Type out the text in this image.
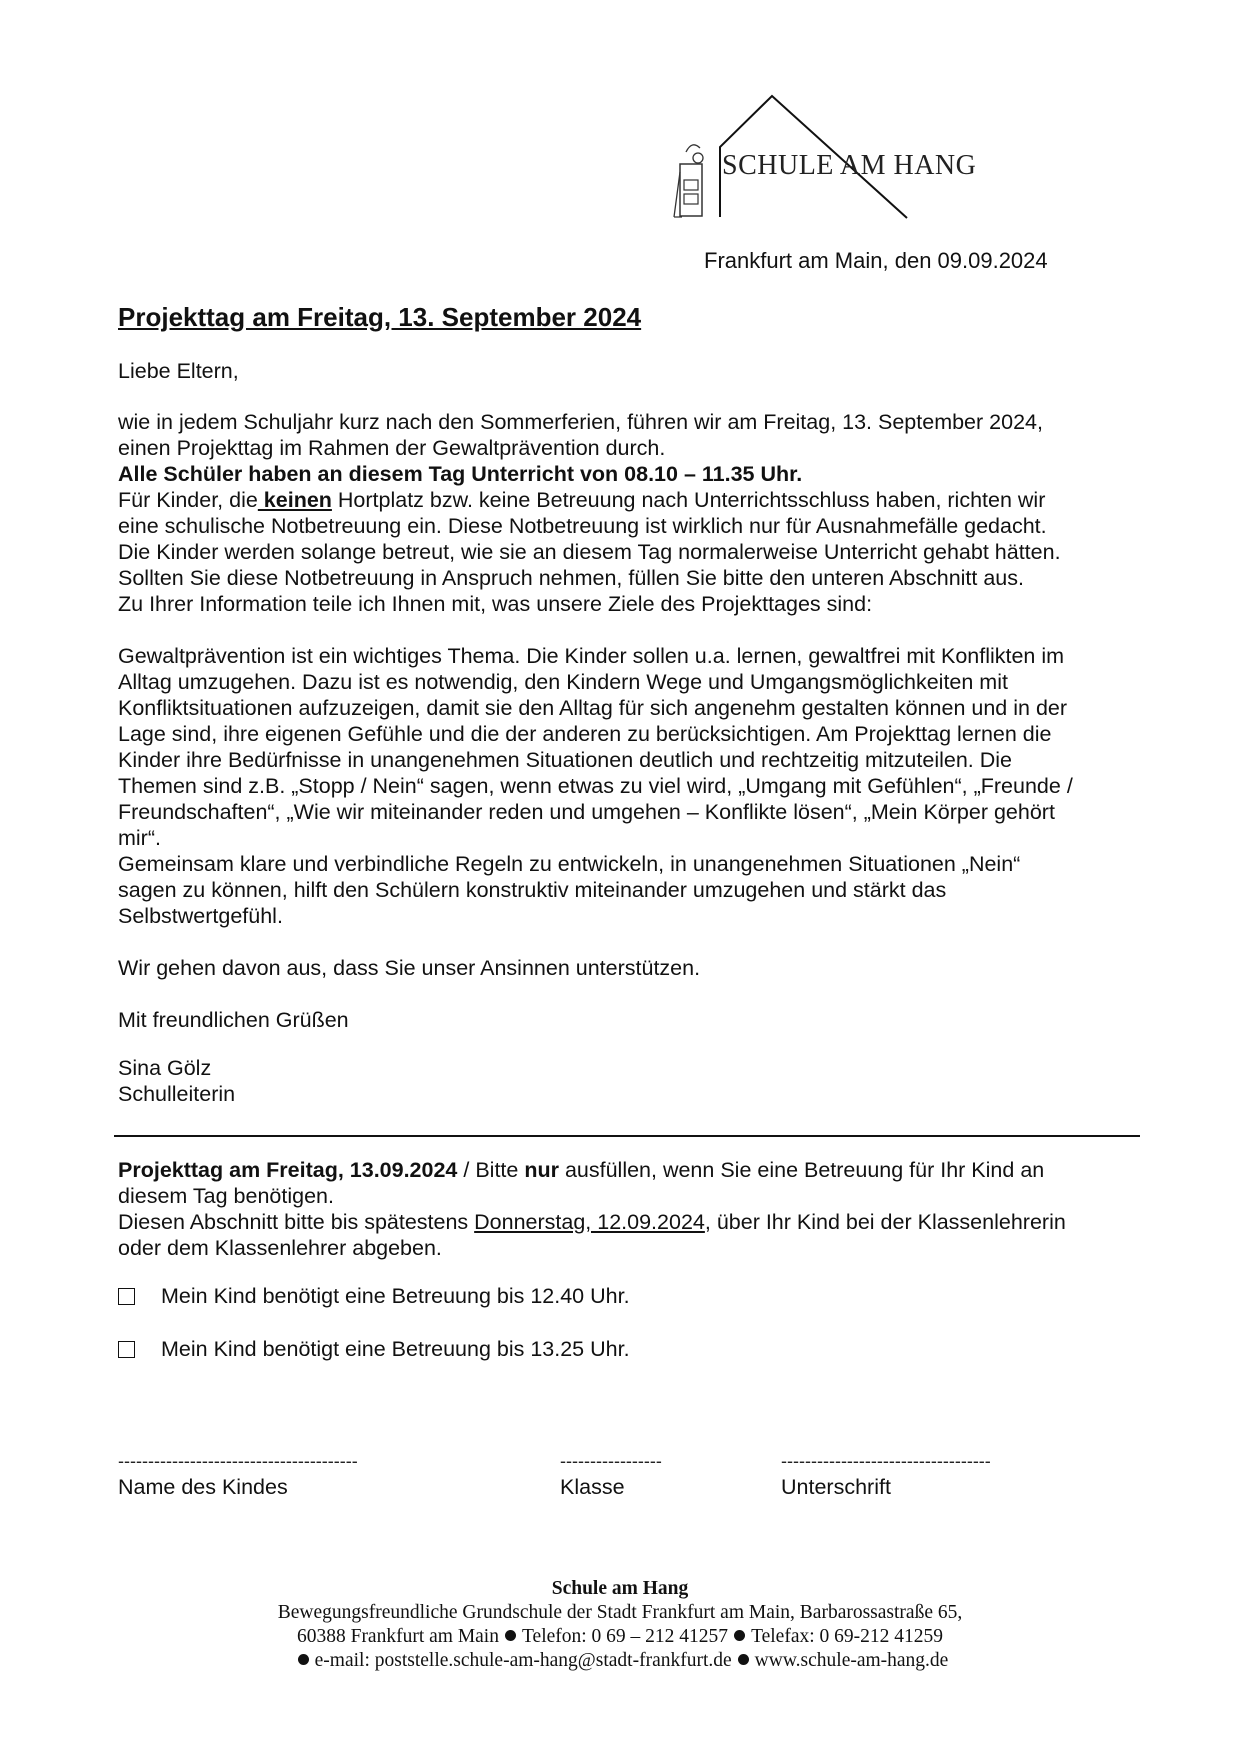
SCHULE AM HANG
Frankfurt am Main, den 09.09.2024
Projekttag am Freitag, 13. September 2024
Liebe Eltern,

wie in jedem Schuljahr kurz nach den Sommerferien, führen wir am Freitag, 13. September 2024,

einen Projekttag im Rahmen der Gewaltprävention durch.

Alle Schüler haben an diesem Tag Unterricht von 08.10 – 11.35 Uhr.

Für Kinder, die keinen Hortplatz bzw. keine Betreuung nach Unterrichtsschluss haben, richten wir

eine schulische Notbetreuung ein. Diese Notbetreuung ist wirklich nur für Ausnahmefälle gedacht.

Die Kinder werden solange betreut, wie sie an diesem Tag normalerweise Unterricht gehabt hätten.

Sollten Sie diese Notbetreuung in Anspruch nehmen, füllen Sie bitte den unteren Abschnitt aus.

Zu Ihrer Information teile ich Ihnen mit, was unsere Ziele des Projekttages sind:

Gewaltprävention ist ein wichtiges Thema. Die Kinder sollen u.a. lernen, gewaltfrei mit Konflikten im

Alltag umzugehen. Dazu ist es notwendig, den Kindern Wege und Umgangsmöglichkeiten mit

Konfliktsituationen aufzuzeigen, damit sie den Alltag für sich angenehm gestalten können und in der

Lage sind, ihre eigenen Gefühle und die der anderen zu berücksichtigen. Am Projekttag lernen die

Kinder ihre Bedürfnisse in unangenehmen Situationen deutlich und rechtzeitig mitzuteilen. Die

Themen sind z.B. „Stopp / Nein“ sagen, wenn etwas zu viel wird, „Umgang mit Gefühlen“, „Freunde /

Freundschaften“, „Wie wir miteinander reden und umgehen – Konflikte lösen“, „Mein Körper gehört

mir“.

Gemeinsam klare und verbindliche Regeln zu entwickeln, in unangenehmen Situationen „Nein“

sagen zu können, hilft den Schülern konstruktiv miteinander umzugehen und stärkt das

Selbstwertgefühl.

Wir gehen davon aus, dass Sie unser Ansinnen unterstützen.
Mit freundlichen Grüßen

Sina Gölz

Schulleiterin

Projekttag am Freitag, 13.09.2024 / Bitte nur ausfüllen, wenn Sie eine Betreuung für Ihr Kind an

diesem Tag benötigen.

Diesen Abschnitt bitte bis spätestens Donnerstag, 12.09.2024, über Ihr Kind bei der Klassenlehrerin

oder dem Klassenlehrer abgeben.

Mein Kind benötigt eine Betreuung bis 12.40 Uhr.
Mein Kind benötigt eine Betreuung bis 13.25 Uhr.
----------------------------------------
Name des Kindes
-----------------
Klasse
-----------------------------------
Unterschrift
Schule am Hang
Bewegungsfreundliche Grundschule der Stadt Frankfurt am Main, Barbarossastraße 65,
60388 Frankfurt am Main Telefon: 0 69 – 212 41257 Telefax: 0 69-212 41259
e-mail: poststelle.schule-am-hang@stadt-frankfurt.de www.schule-am-hang.de
